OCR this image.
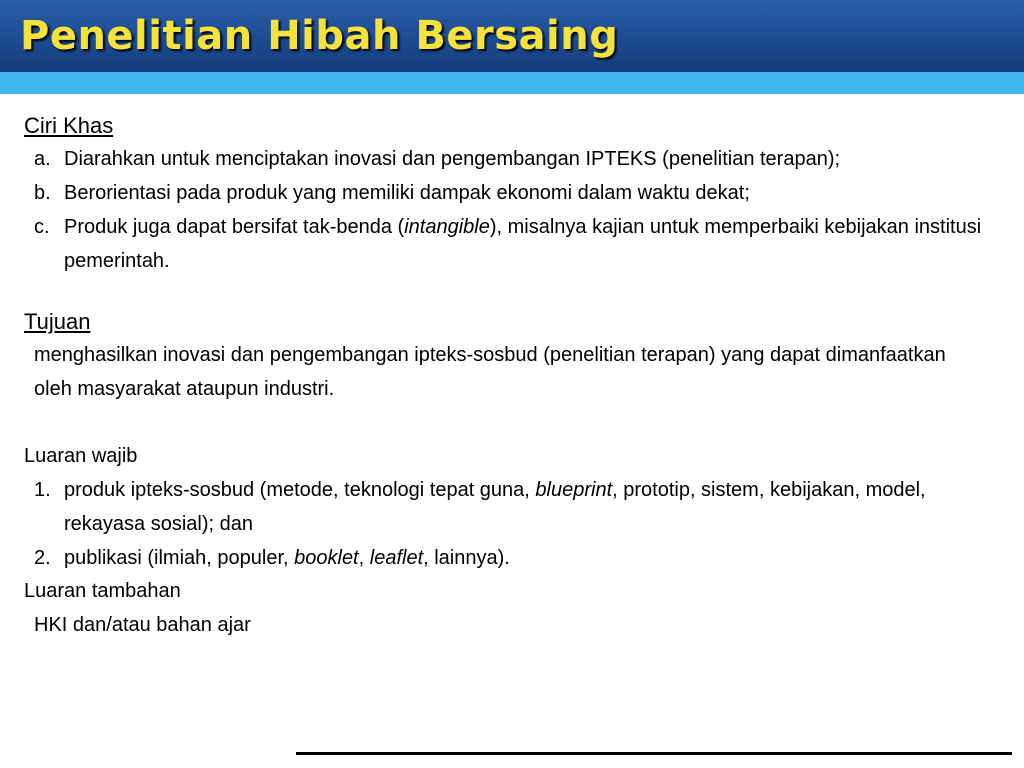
Penelitian Hibah Bersaing

Ciri Khas

a. Diarahkan untuk menciptakan inovasi dan pengembangan IPTEKS (penelitian terapan);
b. Berorientasi pada produk yang memiliki dampak ekonomi dalam waktu dekat;
c. Produk juga dapat bersifat tak-benda (intangible), misalnya kajian untuk memperbaiki kebijakan institusi pemerintah.

Tujuan

menghasilkan inovasi dan pengembangan ipteks-sosbud (penelitian terapan) yang dapat dimanfaatkan oleh masyarakat ataupun industri.

Luaran wajib

1. produk ipteks-sosbud (metode, teknologi tepat guna, blueprint, prototip, sistem, kebijakan, model, rekayasa sosial); dan
2. publikasi (ilmiah, populer, booklet, leaflet, lainnya).

Luaran tambahan

HKI dan/atau bahan ajar
